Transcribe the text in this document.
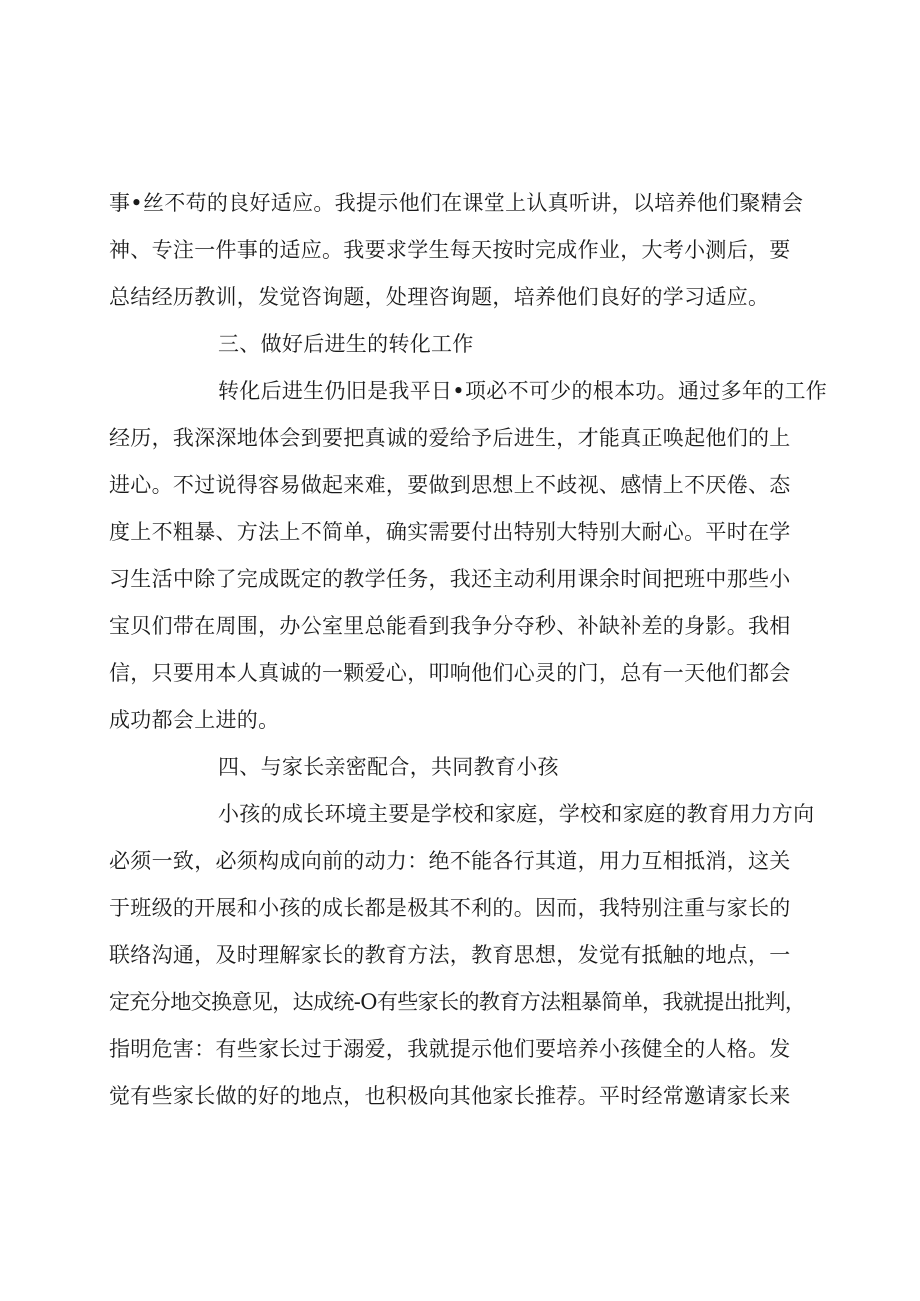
事•丝不苟的良好适应。我提示他们在课堂上认真听讲，以培养他们聚精会
神、专注一件事的适应。我要求学生每天按时完成作业，大考小测后，要
总结经历教训，发觉咨询题，处理咨询题，培养他们良好的学习适应。
三、做好后进生的转化工作
转化后进生仍旧是我平日•项必不可少的根本功。通过多年的工作
经历，我深深地体会到要把真诚的爱给予后进生，才能真正唤起他们的上
进心。不过说得容易做起来难，要做到思想上不歧视、感情上不厌倦、态
度上不粗暴、方法上不简单，确实需要付出特别大特别大耐心。平时在学
习生活中除了完成既定的教学任务，我还主动利用课余时间把班中那些小
宝贝们带在周围，办公室里总能看到我争分夺秒、补缺补差的身影。我相
信，只要用本人真诚的一颗爱心，叩响他们心灵的门，总有一天他们都会
成功都会上进的。
四、与家长亲密配合，共同教育小孩
小孩的成长环境主要是学校和家庭，学校和家庭的教育用力方向
必须一致，必须构成向前的动力：绝不能各行其道，用力互相抵消，这关
于班级的开展和小孩的成长都是极其不利的。因而，我特别注重与家长的
联络沟通，及时理解家长的教育方法，教育思想，发觉有抵触的地点，一
定充分地交换意见，达成统-O有些家长的教育方法粗暴简单，我就提出批判，
指明危害：有些家长过于溺爱，我就提示他们要培养小孩健全的人格。发
觉有些家长做的好的地点，也积极向其他家长推荐。平时经常邀请家长来
